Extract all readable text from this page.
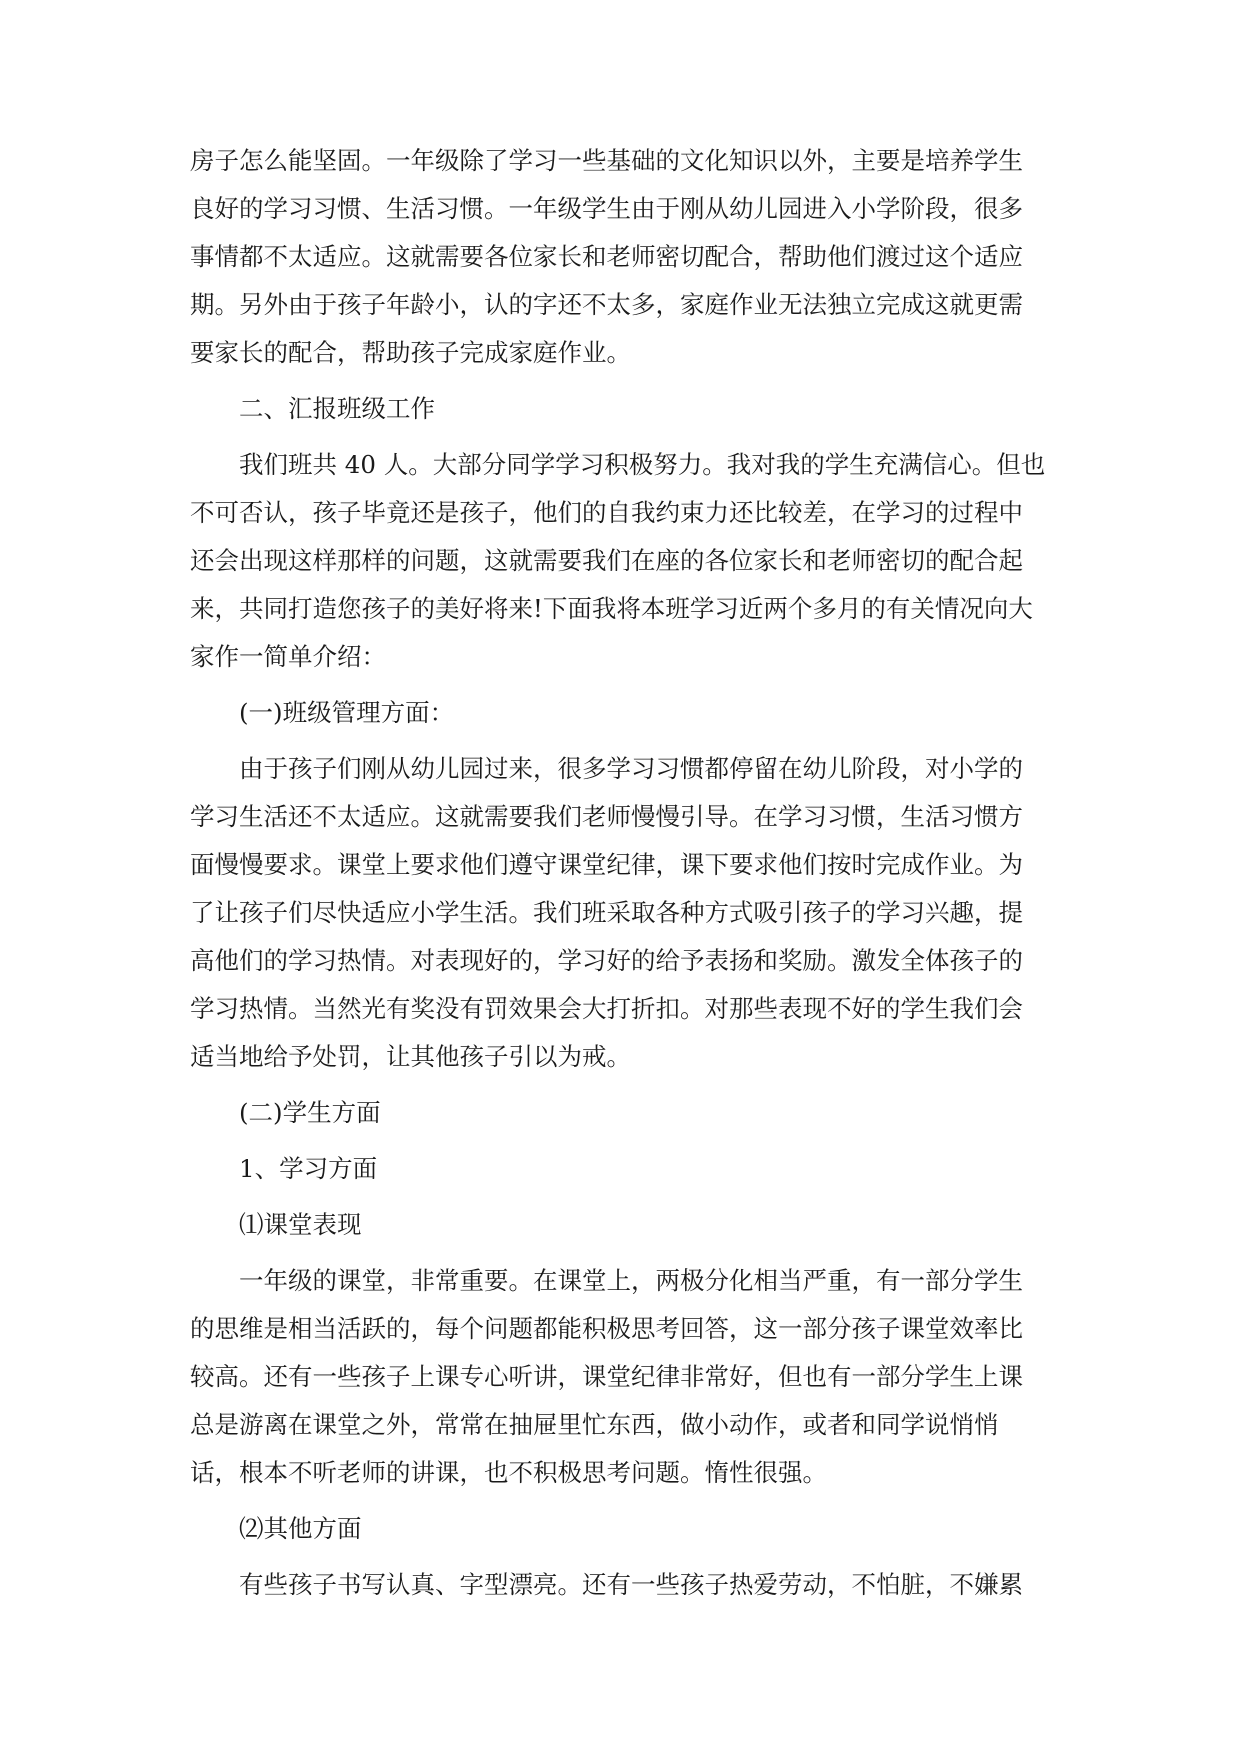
房子怎么能坚固。一年级除了学习一些基础的文化知识以外，主要是培养学生
良好的学习习惯、生活习惯。一年级学生由于刚从幼儿园进入小学阶段，很多
事情都不太适应。这就需要各位家长和老师密切配合，帮助他们渡过这个适应
期。另外由于孩子年龄小，认的字还不太多，家庭作业无法独立完成这就更需
要家长的配合，帮助孩子完成家庭作业。
二、汇报班级工作
我们班共 40 人。大部分同学学习积极努力。我对我的学生充满信心。但也
不可否认，孩子毕竟还是孩子，他们的自我约束力还比较差，在学习的过程中
还会出现这样那样的问题，这就需要我们在座的各位家长和老师密切的配合起
来，共同打造您孩子的美好将来!下面我将本班学习近两个多月的有关情况向大
家作一简单介绍：
(一)班级管理方面：
由于孩子们刚从幼儿园过来，很多学习习惯都停留在幼儿阶段，对小学的
学习生活还不太适应。这就需要我们老师慢慢引导。在学习习惯，生活习惯方
面慢慢要求。课堂上要求他们遵守课堂纪律，课下要求他们按时完成作业。为
了让孩子们尽快适应小学生活。我们班采取各种方式吸引孩子的学习兴趣，提
高他们的学习热情。对表现好的，学习好的给予表扬和奖励。激发全体孩子的
学习热情。当然光有奖没有罚效果会大打折扣。对那些表现不好的学生我们会
适当地给予处罚，让其他孩子引以为戒。
(二)学生方面
1、学习方面
⑴课堂表现
一年级的课堂，非常重要。在课堂上，两极分化相当严重，有一部分学生
的思维是相当活跃的，每个问题都能积极思考回答，这一部分孩子课堂效率比
较高。还有一些孩子上课专心听讲，课堂纪律非常好，但也有一部分学生上课
总是游离在课堂之外，常常在抽屉里忙东西，做小动作，或者和同学说悄悄
话，根本不听老师的讲课，也不积极思考问题。惰性很强。
⑵其他方面
有些孩子书写认真、字型漂亮。还有一些孩子热爱劳动，不怕脏，不嫌累
